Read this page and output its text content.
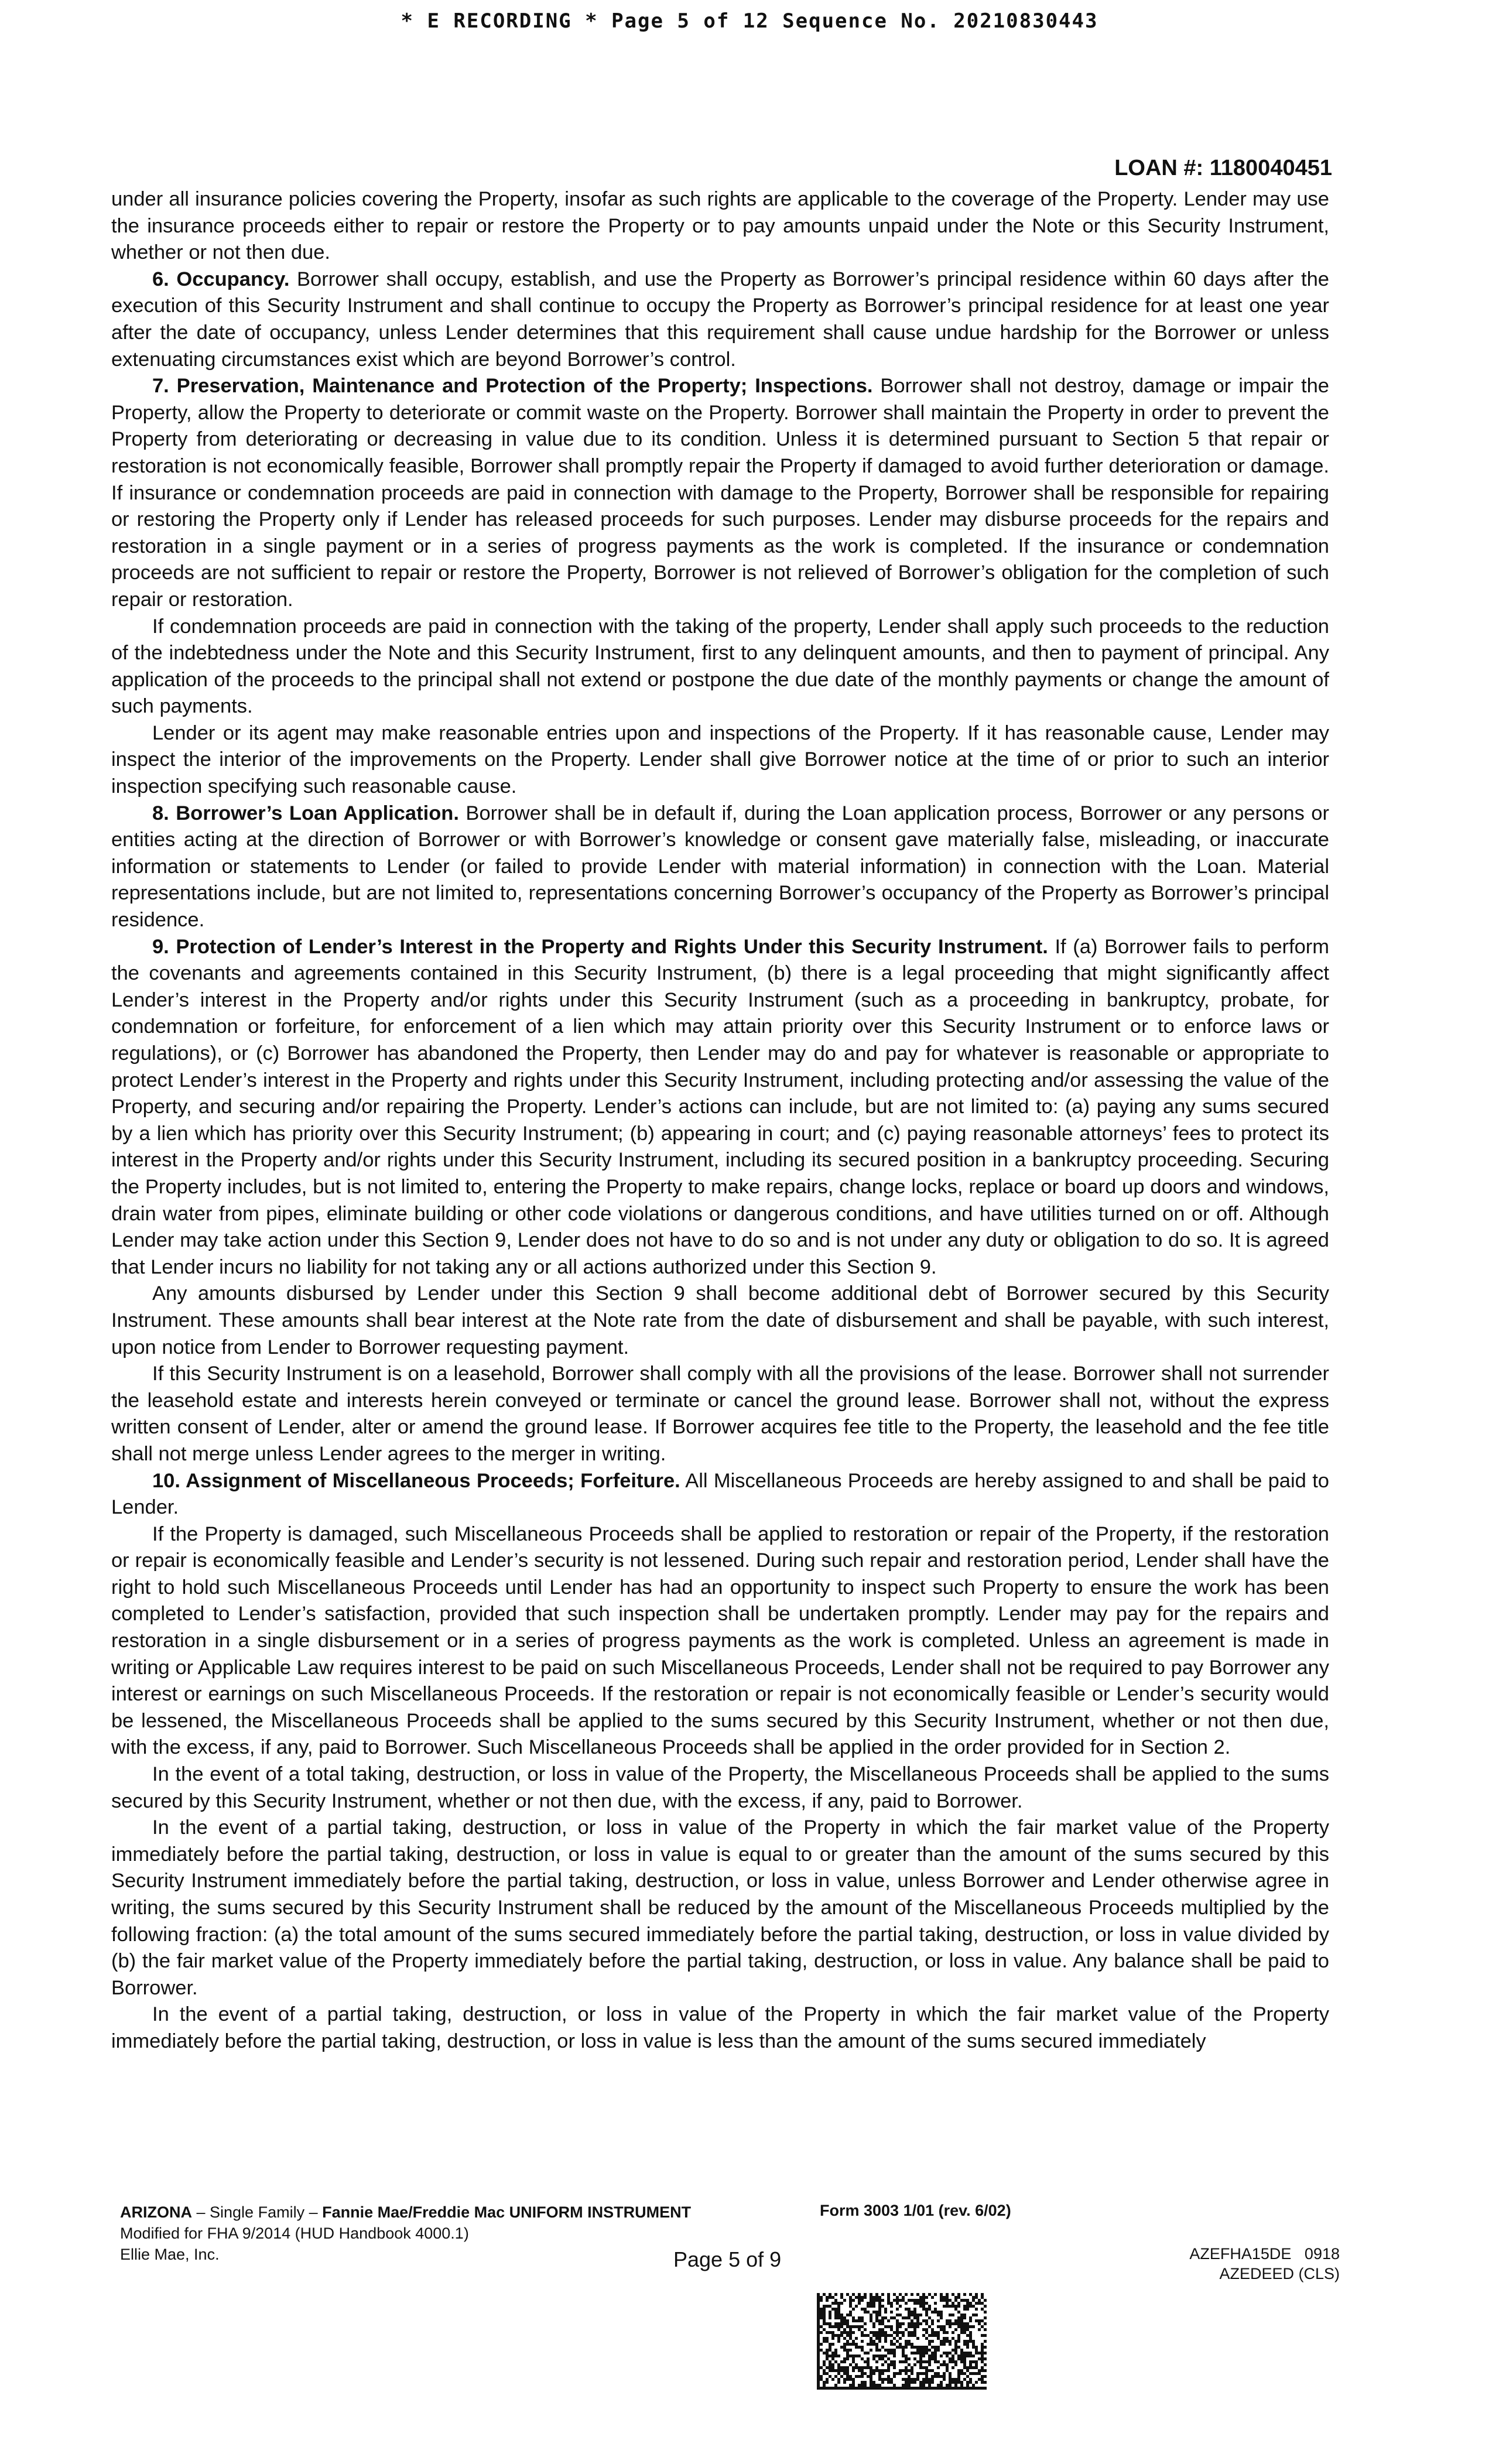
* E RECORDING * Page 5 of 12 Sequence No. 20210830443
LOAN #: 1180040451

under all insurance policies covering the Property, insofar as such rights are applicable to the coverage of the Property. Lender may use the insurance proceeds either to repair or restore the Property or to pay amounts unpaid under the Note or this Security Instrument, whether or not then due.

6. Occupancy. Borrower shall occupy, establish, and use the Property as Borrower’s principal residence within 60 days after the execution of this Security Instrument and shall continue to occupy the Property as Borrower’s principal residence for at least one year after the date of occupancy, unless Lender determines that this requirement shall cause undue hardship for the Borrower or unless extenuating circumstances exist which are beyond Borrower’s control.

7. Preservation, Maintenance and Protection of the Property; Inspections. Borrower shall not destroy, damage or impair the Property, allow the Property to deteriorate or commit waste on the Property. Borrower shall maintain the Property in order to prevent the Property from deteriorating or decreasing in value due to its condition. Unless it is determined pursuant to Section 5 that repair or restoration is not economically feasible, Borrower shall promptly repair the Property if damaged to avoid further deterioration or damage. If insurance or condemnation proceeds are paid in connection with damage to the Property, Borrower shall be responsible for repairing or restoring the Property only if Lender has released proceeds for such purposes. Lender may disburse proceeds for the repairs and restoration in a single payment or in a series of progress payments as the work is completed. If the insurance or condemnation proceeds are not sufficient to repair or restore the Property, Borrower is not relieved of Borrower’s obligation for the completion of such repair or restoration.

If condemnation proceeds are paid in connection with the taking of the property, Lender shall apply such proceeds to the reduction of the indebtedness under the Note and this Security Instrument, first to any delinquent amounts, and then to payment of principal. Any application of the proceeds to the principal shall not extend or postpone the due date of the monthly payments or change the amount of such payments.

Lender or its agent may make reasonable entries upon and inspections of the Property. If it has reasonable cause, Lender may inspect the interior of the improvements on the Property. Lender shall give Borrower notice at the time of or prior to such an interior inspection specifying such reasonable cause.

8. Borrower’s Loan Application. Borrower shall be in default if, during the Loan application process, Borrower or any persons or entities acting at the direction of Borrower or with Borrower’s knowledge or consent gave materially false, misleading, or inaccurate information or statements to Lender (or failed to provide Lender with material information) in connection with the Loan. Material representations include, but are not limited to, representations concerning Borrower’s occupancy of the Property as Borrower’s principal residence.

9. Protection of Lender’s Interest in the Property and Rights Under this Security Instrument. If (a) Borrower fails to perform the covenants and agreements contained in this Security Instrument, (b) there is a legal proceeding that might significantly affect Lender’s interest in the Property and/or rights under this Security Instrument (such as a proceeding in bankruptcy, probate, for condemnation or forfeiture, for enforcement of a lien which may attain priority over this Security Instrument or to enforce laws or regulations), or (c) Borrower has abandoned the Property, then Lender may do and pay for whatever is reasonable or appropriate to protect Lender’s interest in the Property and rights under this Security Instrument, including protecting and/or assessing the value of the Property, and securing and/or repairing the Property. Lender’s actions can include, but are not limited to: (a) paying any sums secured by a lien which has priority over this Security Instrument; (b) appearing in court; and (c) paying reasonable attorneys’ fees to protect its interest in the Property and/or rights under this Security Instrument, including its secured position in a bankruptcy proceeding. Securing the Property includes, but is not limited to, entering the Property to make repairs, change locks, replace or board up doors and windows, drain water from pipes, eliminate building or other code violations or dangerous conditions, and have utilities turned on or off. Although Lender may take action under this Section 9, Lender does not have to do so and is not under any duty or obligation to do so. It is agreed that Lender incurs no liability for not taking any or all actions authorized under this Section 9.

Any amounts disbursed by Lender under this Section 9 shall become additional debt of Borrower secured by this Security Instrument. These amounts shall bear interest at the Note rate from the date of disbursement and shall be payable, with such interest, upon notice from Lender to Borrower requesting payment.

If this Security Instrument is on a leasehold, Borrower shall comply with all the provisions of the lease. Borrower shall not surrender the leasehold estate and interests herein conveyed or terminate or cancel the ground lease. Borrower shall not, without the express written consent of Lender, alter or amend the ground lease. If Borrower acquires fee title to the Property, the leasehold and the fee title shall not merge unless Lender agrees to the merger in writing.

10. Assignment of Miscellaneous Proceeds; Forfeiture. All Miscellaneous Proceeds are hereby assigned to and shall be paid to Lender.

If the Property is damaged, such Miscellaneous Proceeds shall be applied to restoration or repair of the Property, if the restoration or repair is economically feasible and Lender’s security is not lessened. During such repair and restoration period, Lender shall have the right to hold such Miscellaneous Proceeds until Lender has had an opportunity to inspect such Property to ensure the work has been completed to Lender’s satisfaction, provided that such inspection shall be undertaken promptly. Lender may pay for the repairs and restoration in a single disbursement or in a series of progress payments as the work is completed. Unless an agreement is made in writing or Applicable Law requires interest to be paid on such Miscellaneous Proceeds, Lender shall not be required to pay Borrower any interest or earnings on such Miscellaneous Proceeds. If the restoration or repair is not economically feasible or Lender’s security would be lessened, the Miscellaneous Proceeds shall be applied to the sums secured by this Security Instrument, whether or not then due, with the excess, if any, paid to Borrower. Such Miscellaneous Proceeds shall be applied in the order provided for in Section 2.

In the event of a total taking, destruction, or loss in value of the Property, the Miscellaneous Proceeds shall be applied to the sums secured by this Security Instrument, whether or not then due, with the excess, if any, paid to Borrower.

In the event of a partial taking, destruction, or loss in value of the Property in which the fair market value of the Property immediately before the partial taking, destruction, or loss in value is equal to or greater than the amount of the sums secured by this Security Instrument immediately before the partial taking, destruction, or loss in value, unless Borrower and Lender otherwise agree in writing, the sums secured by this Security Instrument shall be reduced by the amount of the Miscellaneous Proceeds multiplied by the following fraction: (a) the total amount of the sums secured immediately before the partial taking, destruction, or loss in value divided by (b) the fair market value of the Property immediately before the partial taking, destruction, or loss in value. Any balance shall be paid to Borrower.

In the event of a partial taking, destruction, or loss in value of the Property in which the fair market value of the Property immediately before the partial taking, destruction, or loss in value is less than the amount of the sums secured immediately

ARIZONA – Single Family – Fannie Mae/Freddie Mac UNIFORM INSTRUMENT
Modified for FHA 9/2014 (HUD Handbook 4000.1)
Ellie Mae, Inc.
Form 3003 1/01 (rev. 6/02)
Page 5 of 9	AZEFHA15DE   0918
AZEDEED (CLS)
